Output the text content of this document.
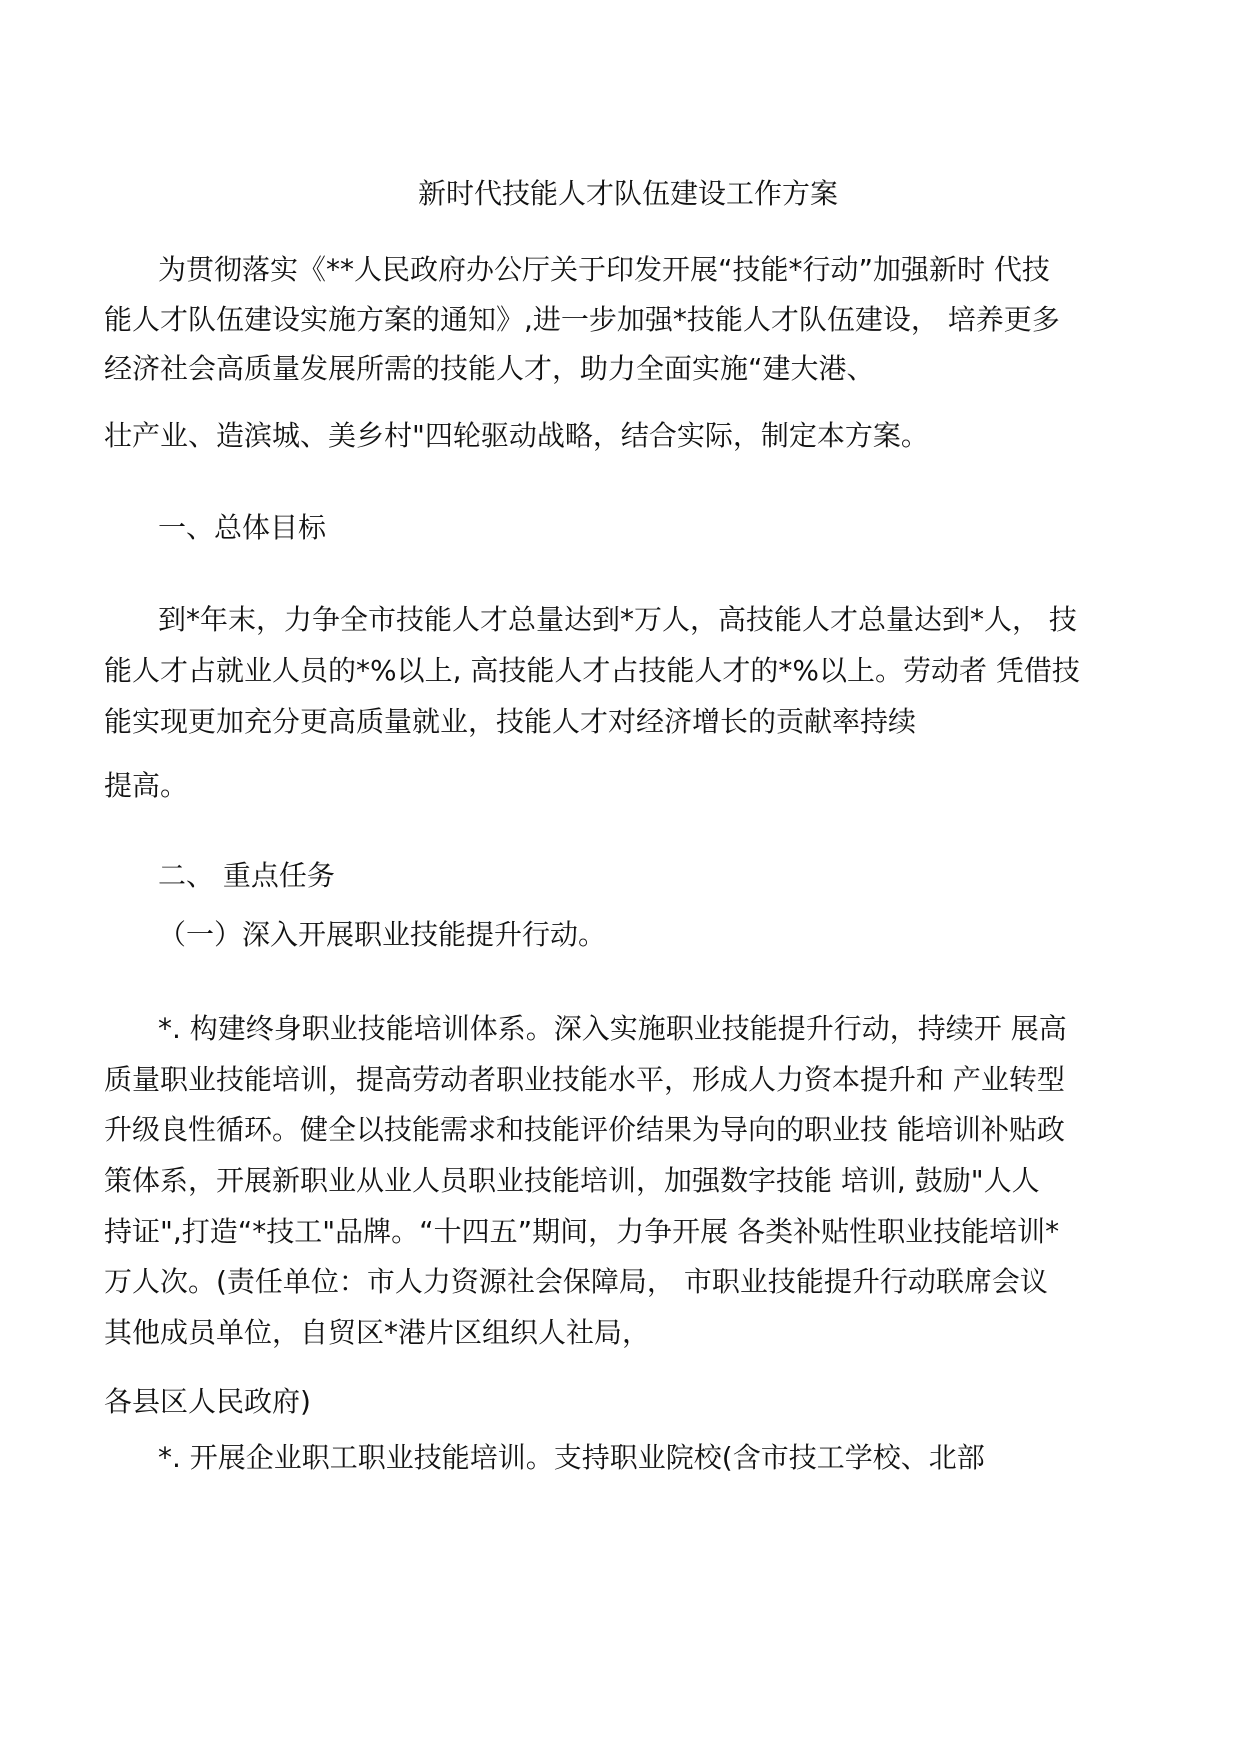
新时代技能人才队伍建设工作方案
为贯彻落实《**人民政府办公厅关于印发开展“技能*行动”加强新时 代技
能人才队伍建设实施方案的通知》,进一步加强*技能人才队伍建设， 培养更多
经济社会高质量发展所需的技能人才，助力全面实施“建大港、
壮产业、造滨城、美乡村"四轮驱动战略，结合实际，制定本方案。
一、总体目标
到*年末，力争全市技能人才总量达到*万人，高技能人才总量达到*人， 技
能人才占就业人员的*%以上, 高技能人才占技能人才的*%以上。劳动者 凭借技
能实现更加充分更高质量就业，技能人才对经济增长的贡献率持续
提高。
二、 重点任务
（一）深入开展职业技能提升行动。
*. 构建终身职业技能培训体系。深入实施职业技能提升行动，持续开 展高
质量职业技能培训，提高劳动者职业技能水平，形成人力资本提升和 产业转型
升级良性循环。健全以技能需求和技能评价结果为导向的职业技 能培训补贴政
策体系，开展新职业从业人员职业技能培训，加强数字技能 培训, 鼓励"人人
持证",打造“*技工"品牌。“十四五”期间，力争开展 各类补贴性职业技能培训*
万人次。(责任单位：市人力资源社会保障局， 市职业技能提升行动联席会议
其他成员单位，自贸区*港片区组织人社局，
各县区人民政府)
*. 开展企业职工职业技能培训。支持职业院校(含市技工学校、北部
